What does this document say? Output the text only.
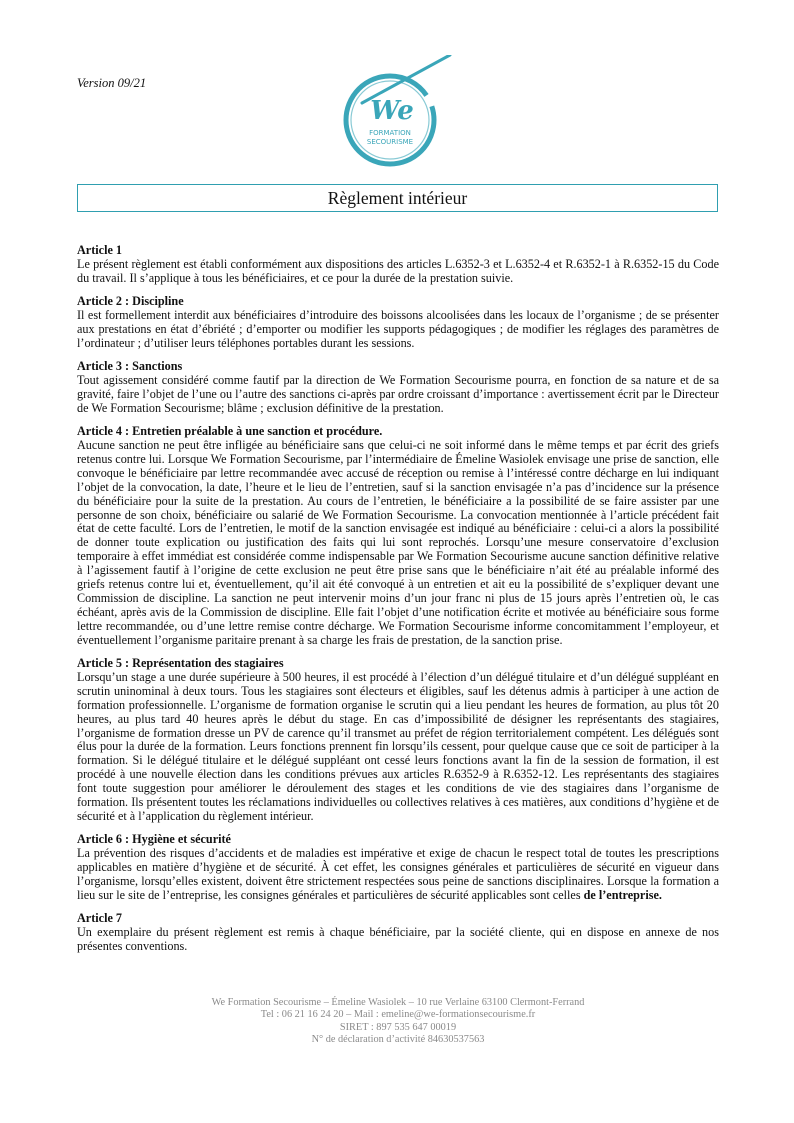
Version 09/21
We
FORMATION
SECOURISME
Règlement intérieur
Article 1

Le présent règlement est établi conformément aux dispositions des articles L.6352-3 et L.6352-4 et R.6352-1 à R.6352-15 du Code du travail. Il s’applique à tous les bénéficiaires, et ce pour la durée de la prestation suivie.

Article 2 : Discipline

Il est formellement interdit aux bénéficiaires d’introduire des boissons alcoolisées dans les locaux de l’organisme ; de se présenter aux prestations en état d’ébriété ; d’emporter ou modifier les supports pédagogiques ; de modifier les réglages des paramètres de l’ordinateur ; d’utiliser leurs téléphones portables durant les sessions.

Article 3 : Sanctions

Tout agissement considéré comme fautif par la direction de We Formation Secourisme pourra, en fonction de sa nature et de sa gravité, faire l’objet de l’une ou l’autre des sanctions ci-après par ordre croissant d’importance : avertissement écrit par le Directeur de We Formation Secourisme; blâme ; exclusion définitive de la prestation.

Article 4 : Entretien préalable à une sanction et procédure.

Aucune sanction ne peut être infligée au bénéficiaire sans que celui-ci ne soit informé dans le même temps et par écrit des griefs retenus contre lui. Lorsque We Formation Secourisme, par l’intermédiaire de Émeline Wasiolek envisage une prise de sanction, elle convoque le bénéficiaire par lettre recommandée avec accusé de réception ou remise à l’intéressé contre décharge en lui indiquant l’objet de la convocation, la date, l’heure et le lieu de l’entretien, sauf si la sanction envisagée n’a pas d’incidence sur la présence du bénéficiaire pour la suite de la prestation. Au cours de l’entretien, le bénéficiaire a la possibilité de se faire assister par une personne de son choix, bénéficiaire ou salarié de We Formation Secourisme. La convocation mentionnée à l’article précédent fait état de cette faculté. Lors de l’entretien, le motif de la sanction envisagée est indiqué au bénéficiaire : celui-ci a alors la possibilité de donner toute explication ou justification des faits qui lui sont reprochés. Lorsqu’une mesure conservatoire d’exclusion temporaire à effet immédiat est considérée comme indispensable par We Formation Secourisme aucune sanction définitive relative à l’agissement fautif à l’origine de cette exclusion ne peut être prise sans que le bénéficiaire n’ait été au préalable informé des griefs retenus contre lui et, éventuellement, qu’il ait été convoqué à un entretien et ait eu la possibilité de s’expliquer devant une Commission de discipline. La sanction ne peut intervenir moins d’un jour franc ni plus de 15 jours après l’entretien où, le cas échéant, après avis de la Commission de discipline. Elle fait l’objet d’une notification écrite et motivée au bénéficiaire sous forme lettre recommandée, ou d’une lettre remise contre décharge. We Formation Secourisme informe concomitamment l’employeur, et éventuellement l’organisme paritaire prenant à sa charge les frais de prestation, de la sanction prise.

Article 5 : Représentation des stagiaires

Lorsqu’un stage a une durée supérieure à 500 heures, il est procédé à l’élection d’un délégué titulaire et d’un délégué suppléant en scrutin uninominal à deux tours. Tous les stagiaires sont électeurs et éligibles, sauf les détenus admis à participer à une action de formation professionnelle. L’organisme de formation organise le scrutin qui a lieu pendant les heures de formation, au plus tôt 20 heures, au plus tard 40 heures après le début du stage. En cas d’impossibilité de désigner les représentants des stagiaires, l’organisme de formation dresse un PV de carence qu’il transmet au préfet de région territorialement compétent. Les délégués sont élus pour la durée de la formation. Leurs fonctions prennent fin lorsqu’ils cessent, pour quelque cause que ce soit de participer à la formation. Si le délégué titulaire et le délégué suppléant ont cessé leurs fonctions avant la fin de la session de formation, il est procédé à une nouvelle élection dans les conditions prévues aux articles R.6352-9 à R.6352-12. Les représentants des stagiaires font toute suggestion pour améliorer le déroulement des stages et les conditions de vie des stagiaires dans l’organisme de formation. Ils présentent toutes les réclamations individuelles ou collectives relatives à ces matières, aux conditions d’hygiène et de sécurité et à l’application du règlement intérieur.

Article 6 : Hygiène et sécurité

La prévention des risques d’accidents et de maladies est impérative et exige de chacun le respect total de toutes les prescriptions applicables en matière d’hygiène et de sécurité. À cet effet, les consignes générales et particulières de sécurité en vigueur dans l’organisme, lorsqu’elles existent, doivent être strictement respectées sous peine de sanctions disciplinaires. Lorsque la formation a lieu sur le site de l’entreprise, les consignes générales et particulières de sécurité applicables sont celles de l’entreprise.

Article 7

Un exemplaire du présent règlement est remis à chaque bénéficiaire, par la société cliente, qui en dispose en annexe de nos présentes conventions.

We Formation Secourisme – Émeline Wasiolek – 10 rue Verlaine 63100 Clermont-Ferrand
Tel : 06 21 16 24 20 – Mail : emeline@we-formationsecourisme.fr
SIRET : 897 535 647 00019
N° de déclaration d’activité 84630537563
